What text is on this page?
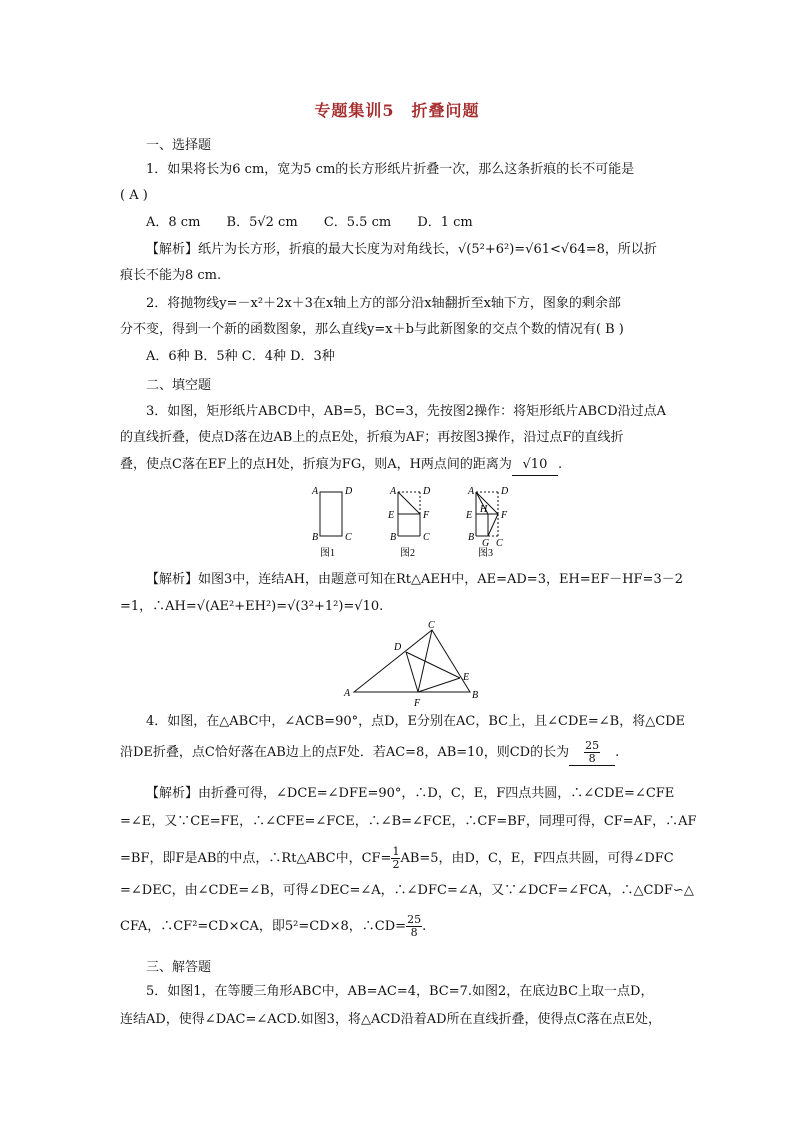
专题集训5　折叠问题
一、选择题
1．如果将长为6 cm，宽为5 cm的长方形纸片折叠一次，那么这条折痕的长不可能是
( A )
A．8 cm B．5√2 cm C．5.5 cm D．1 cm
【解析】纸片为长方形，折痕的最大长度为对角线长，√(5²+6²)=√61<√64=8，所以折
痕长不能为8 cm.
2．将抛物线y=－x²＋2x＋3在x轴上方的部分沿x轴翻折至x轴下方，图象的剩余部
分不变，得到一个新的函数图象，那么直线y=x＋b与此新图象的交点个数的情况有( B )
A．6种 B．5种 C．4种 D．3种
二、填空题
3．如图，矩形纸片ABCD中，AB=5，BC=3，先按图2操作：将矩形纸片ABCD沿过点A
的直线折叠，使点D落在边AB上的点E处，折痕为AF；再按图3操作，沿过点F的直线折
叠，使点C落在EF上的点H处，折痕为FG，则A，H两点间的距离为 √10 .
A	D
B	C
图1
A	D
E	F
B	C
图2
A	D
E
H
F
B
G C
图3
【解析】如图3中，连结AH，由题意可知在Rt△AEH中，AE=AD=3，EH=EF－HF=3－2
=1，∴AH=√(AE²+EH²)=√(3²+1²)=√10.
A
C
D
E
F
B
4．如图，在△ABC中，∠ACB=90°，点D，E分别在AC，BC上，且∠CDE=∠B，将△CDE
沿DE折叠，点C恰好落在AB边上的点F处．若AC=8，AB=10，则CD的长为 $\frac{25}{8}$ .
【解析】由折叠可得，∠DCE=∠DFE=90°，∴D，C，E，F四点共圆，∴∠CDE=∠CFE
=∠E，又∵CE=FE，∴∠CFE=∠FCE，∴∠B=∠FCE，∴CF=BF，同理可得，CF=AF，∴AF
=BF，即F是AB的中点，∴Rt△ABC中，$CF= \frac{1}{2} AB=5$，由D，C，E，F四点共圆，可得∠DFC
=∠DEC，由∠CDE=∠B，可得∠DEC=∠A，∴∠DFC=∠A，又∵∠DCF=∠FCA，∴△CDF∽△
CFA，∴CF²=CD×CA，即5²=CD×8，∴CD= $\frac{25}{8}$ .
三、解答题
5．如图1，在等腰三角形ABC中，AB=AC=4，BC=7.如图2，在底边BC上取一点D，
连结AD，使得∠DAC=∠ACD.如图3，将△ACD沿着AD所在直线折叠，使得点C落在点E处，
